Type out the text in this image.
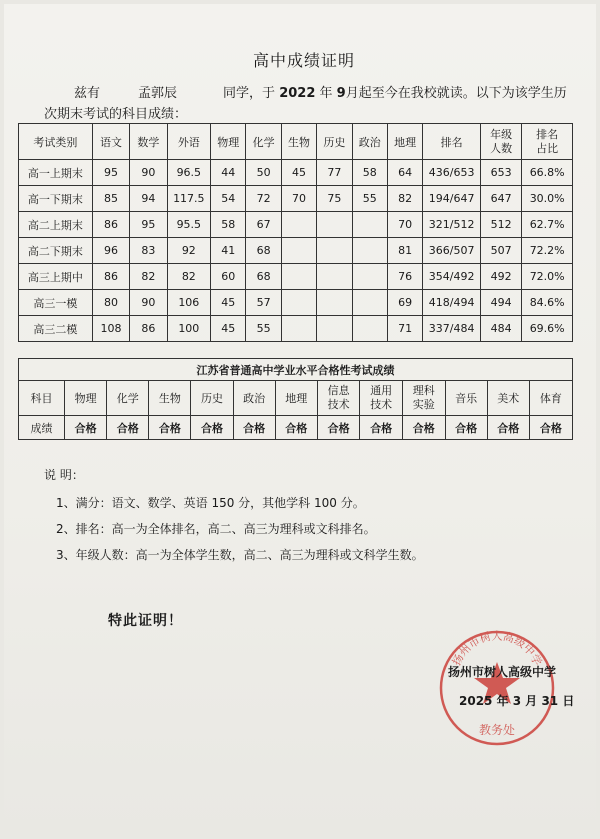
高中成绩证明
兹有	孟郭辰	同学，于 2022 年 9月起至今在我校就读。以下为该学生历
次期末考试的科目成绩：
考试类别	语文	数学	外语	物理	化学	生物	历史	政治	地理	排名	年级人数	排名占比

高一上期末	95	90	96.5	44	50	45	77	58	64	436/653	653	66.8%
高一下期末	85	94	117.5	54	72	70	75	55	82	194/647	647	30.0%
高二上期末	86	95	95.5	58	67				70	321/512	512	62.7%
高二下期末	96	83	92	41	68				81	366/507	507	72.2%
高三上期中	86	82	82	60	68				76	354/492	492	72.0%
高三一模	80	90	106	45	57				69	418/494	494	84.6%
高三二模	108	86	100	45	55				71	337/484	484	69.6%
江苏省普通高中学业水平合格性考试成绩												
科目	物理	化学	生物	历史	政治	地理	信息技术	通用技术	理科实验	音乐	美术	体育
成绩	合格	合格	合格	合格	合格	合格	合格	合格	合格	合格	合格	合格
说 明：
1、满分：语文、数学、英语 150 分，其他学科 100 分。
2、排名：高一为全体排名，高二、高三为理科或文科排名。
3、年级人数：高一为全体学生数，高二、高三为理科或文科学生数。
特此证明！
扬州市树人高级中学
教务处
扬州市树人高级中学
2025 年 3 月 31 日
